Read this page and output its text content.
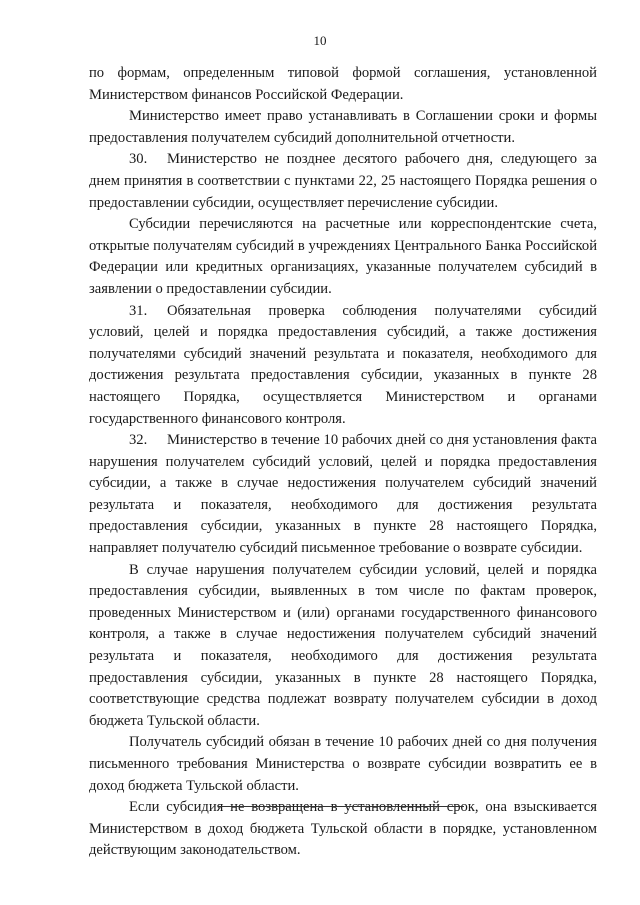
10

по формам, определенным типовой формой соглашения, установленной Министерством финансов Российской Федерации.

Министерство имеет право устанавливать в Соглашении сроки и формы предоставления получателем субсидий дополнительной отчетности.

30. Министерство не позднее десятого рабочего дня, следующего за днем принятия в соответствии с пунктами 22, 25 настоящего Порядка решения о предоставлении субсидии, осуществляет перечисление субсидии.

Субсидии перечисляются на расчетные или корреспондентские счета, открытые получателям субсидий в учреждениях Центрального Банка Российской Федерации или кредитных организациях, указанные получателем субсидий в заявлении о предоставлении субсидии.

31. Обязательная проверка соблюдения получателями субсидий условий, целей и порядка предоставления субсидий, а также достижения получателями субсидий значений результата и показателя, необходимого для достижения результата предоставления субсидии, указанных в пункте 28 настоящего Порядка, осуществляется Министерством и органами государственного финансового контроля.

32. Министерство в течение 10 рабочих дней со дня установления факта нарушения получателем субсидий условий, целей и порядка предоставления субсидии, а также в случае недостижения получателем субсидий значений результата и показателя, необходимого для достижения результата предоставления субсидии, указанных в пункте 28 настоящего Порядка, направляет получателю субсидий письменное требование о возврате субсидии.

В случае нарушения получателем субсидии условий, целей и порядка предоставления субсидии, выявленных в том числе по фактам проверок, проведенных Министерством и (или) органами государственного финансового контроля, а также в случае недостижения получателем субсидий значений результата и показателя, необходимого для достижения результата предоставления субсидии, указанных в пункте 28 настоящего Порядка, соответствующие средства подлежат возврату получателем субсидии в доход бюджета Тульской области.

Получатель субсидий обязан в течение 10 рабочих дней со дня получения письменного требования Министерства о возврате субсидии возвратить ее в доход бюджета Тульской области.

Если субсидия не возвращена в установленный срок, она взыскивается Министерством в доход бюджета Тульской области в порядке, установленном действующим законодательством.
